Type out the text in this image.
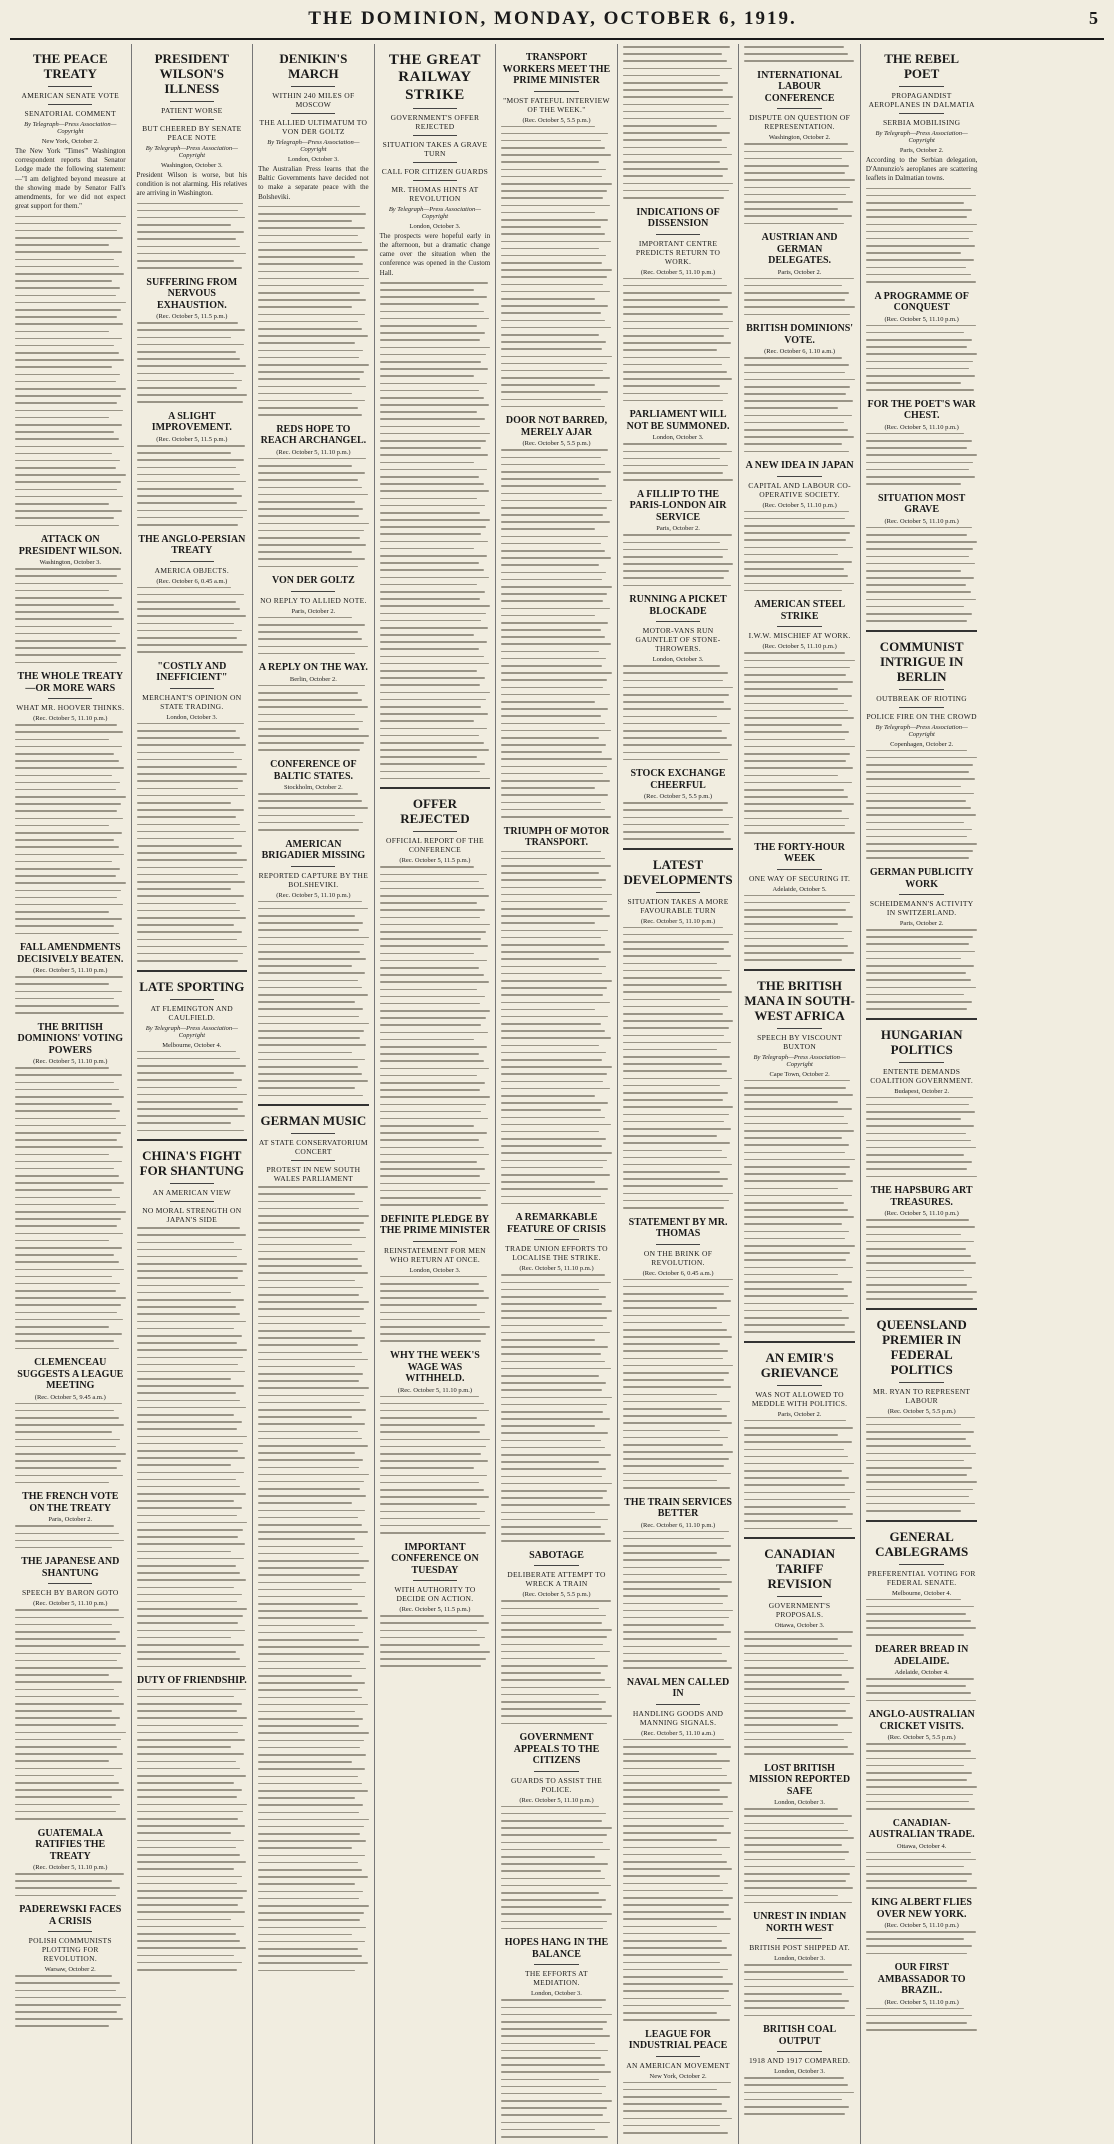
THE DOMINION, MONDAY, OCTOBER 6, 1919.	5
THE PEACE TREATY
AMERICAN SENATE VOTE
SENATORIAL COMMENT
By Telegraph—Press Association—Copyright
New York, October 2.
The New York "Times'" Washington correspondent reports that Senator Lodge made the following statement:—"I am delighted beyond measure at the showing made by Senator Fall's amendments, for we did not expect great support for them."
ATTACK ON PRESIDENT WILSON.
Washington, October 3.
THE WHOLE TREATY—OR MORE WARS
WHAT MR. HOOVER THINKS.
(Rec. October 5, 11.10 p.m.)
FALL AMENDMENTS DECISIVELY BEATEN.
(Rec. October 5, 11.10 p.m.)
THE BRITISH DOMINIONS' VOTING POWERS
(Rec. October 5, 11.10 p.m.)
CLEMENCEAU SUGGESTS A LEAGUE MEETING
(Rec. October 5, 9.45 a.m.)
THE FRENCH VOTE ON THE TREATY
Paris, October 2.
THE JAPANESE AND SHANTUNG
SPEECH BY BARON GOTO
(Rec. October 5, 11.10 p.m.)
GUATEMALA RATIFIES THE TREATY
(Rec. October 5, 11.10 p.m.)
PADEREWSKI FACES A CRISIS
POLISH COMMUNISTS PLOTTING FOR REVOLUTION.
Warsaw, October 2.
PRESIDENT WILSON'S ILLNESS
PATIENT WORSE
BUT CHEERED BY SENATE PEACE NOTE
By Telegraph—Press Association—Copyright
Washington, October 3.
President Wilson is worse, but his condition is not alarming. His relatives are arriving in Washington.
SUFFERING FROM NERVOUS EXHAUSTION.
(Rec. October 5, 11.5 p.m.)
A SLIGHT IMPROVEMENT.
(Rec. October 5, 11.5 p.m.)
THE ANGLO-PERSIAN TREATY
AMERICA OBJECTS.
(Rec. October 6, 0.45 a.m.)
"COSTLY AND INEFFICIENT"
MERCHANT'S OPINION ON STATE TRADING.
London, October 3.
LATE SPORTING
AT FLEMINGTON AND CAULFIELD.
By Telegraph—Press Association—Copyright
Melbourne, October 4.
CHINA'S FIGHT FOR SHANTUNG
AN AMERICAN VIEW
NO MORAL STRENGTH ON JAPAN'S SIDE
DUTY OF FRIENDSHIP.
DENIKIN'S MARCH
WITHIN 240 MILES OF MOSCOW
THE ALLIED ULTIMATUM TO VON DER GOLTZ
By Telegraph—Press Association—Copyright
London, October 3.
The Australian Press learns that the Baltic Governments have decided not to make a separate peace with the Bolsheviki.
REDS HOPE TO REACH ARCHANGEL.
(Rec. October 5, 11.10 p.m.)
VON DER GOLTZ
NO REPLY TO ALLIED NOTE.
Paris, October 2.
A REPLY ON THE WAY.
Berlin, October 2.
CONFERENCE OF BALTIC STATES.
Stockholm, October 2.
AMERICAN BRIGADIER MISSING
REPORTED CAPTURE BY THE BOLSHEVIKI.
(Rec. October 5, 11.10 p.m.)
GERMAN MUSIC
AT STATE CONSERVATORIUM CONCERT
PROTEST IN NEW SOUTH WALES PARLIAMENT
THE GREAT RAILWAY STRIKE
GOVERNMENT'S OFFER REJECTED
SITUATION TAKES A GRAVE TURN
CALL FOR CITIZEN GUARDS
MR. THOMAS HINTS AT REVOLUTION
By Telegraph—Press Association—Copyright
London, October 3.
The prospects were hopeful early in the afternoon, but a dramatic change came over the situation when the conference was opened in the Custom Hall.
OFFER REJECTED
OFFICIAL REPORT OF THE CONFERENCE
(Rec. October 5, 11.5 p.m.)
DEFINITE PLEDGE BY THE PRIME MINISTER
REINSTATEMENT FOR MEN WHO RETURN AT ONCE.
London, October 3.
WHY THE WEEK'S WAGE WAS WITHHELD.
(Rec. October 5, 11.10 p.m.)
IMPORTANT CONFERENCE ON TUESDAY
WITH AUTHORITY TO DECIDE ON ACTION.
(Rec. October 5, 11.5 p.m.)
TRANSPORT WORKERS MEET THE PRIME MINISTER
"MOST FATEFUL INTERVIEW OF THE WEEK."
(Rec. October 5, 5.5 p.m.)
DOOR NOT BARRED, MERELY AJAR
(Rec. October 5, 5.5 p.m.)
TRIUMPH OF MOTOR TRANSPORT.
A REMARKABLE FEATURE OF CRISIS
TRADE UNION EFFORTS TO LOCALISE THE STRIKE.
(Rec. October 5, 11.10 p.m.)
SABOTAGE
DELIBERATE ATTEMPT TO WRECK A TRAIN
(Rec. October 5, 5.5 p.m.)
GOVERNMENT APPEALS TO THE CITIZENS
GUARDS TO ASSIST THE POLICE.
(Rec. October 5, 11.10 p.m.)
HOPES HANG IN THE BALANCE
THE EFFORTS AT MEDIATION.
London, October 3.
INDICATIONS OF DISSENSION
IMPORTANT CENTRE PREDICTS RETURN TO WORK.
(Rec. October 5, 11.10 p.m.)
PARLIAMENT WILL NOT BE SUMMONED.
London, October 3.
A FILLIP TO THE PARIS-LONDON AIR SERVICE
Paris, October 2.
RUNNING A PICKET BLOCKADE
MOTOR-VANS RUN GAUNTLET OF STONE-THROWERS.
London, October 3.
STOCK EXCHANGE CHEERFUL
(Rec. October 5, 5.5 p.m.)
LATEST DEVELOPMENTS
SITUATION TAKES A MORE FAVOURABLE TURN
(Rec. October 5, 11.10 p.m.)
STATEMENT BY MR. THOMAS
ON THE BRINK OF REVOLUTION.
(Rec. October 6, 0.45 a.m.)
THE TRAIN SERVICES BETTER
(Rec. October 6, 11.10 p.m.)
NAVAL MEN CALLED IN
HANDLING GOODS AND MANNING SIGNALS.
(Rec. October 5, 11.10 a.m.)
LEAGUE FOR INDUSTRIAL PEACE
AN AMERICAN MOVEMENT
New York, October 2.
INTERNATIONAL LABOUR CONFERENCE
DISPUTE ON QUESTION OF REPRESENTATION.
Washington, October 2.
AUSTRIAN AND GERMAN DELEGATES.
Paris, October 2.
BRITISH DOMINIONS' VOTE.
(Rec. October 6, 1.10 a.m.)
A NEW IDEA IN JAPAN
CAPITAL AND LABOUR CO-OPERATIVE SOCIETY.
(Rec. October 5, 11.10 p.m.)
AMERICAN STEEL STRIKE
I.W.W. MISCHIEF AT WORK.
(Rec. October 5, 11.10 p.m.)
THE FORTY-HOUR WEEK
ONE WAY OF SECURING IT.
Adelaide, October 5.
THE BRITISH MANA IN SOUTH-WEST AFRICA
SPEECH BY VISCOUNT BUXTON
By Telegraph—Press Association—Copyright
Cape Town, October 2.
AN EMIR'S GRIEVANCE
WAS NOT ALLOWED TO MEDDLE WITH POLITICS.
Paris, October 2.
CANADIAN TARIFF REVISION
GOVERNMENT'S PROPOSALS.
Ottawa, October 3.
LOST BRITISH MISSION REPORTED SAFE
London, October 3.
UNREST IN INDIAN NORTH WEST
BRITISH POST SHIPPED AT.
London, October 3.
BRITISH COAL OUTPUT
1918 AND 1917 COMPARED.
London, October 3.
THE REBEL POET
PROPAGANDIST AEROPLANES IN DALMATIA
SERBIA MOBILISING
By Telegraph—Press Association—Copyright
Paris, October 2.
According to the Serbian delegation, D'Annunzio's aeroplanes are scattering leaflets in Dalmatian towns.
A PROGRAMME OF CONQUEST
(Rec. October 5, 11.10 p.m.)
FOR THE POET'S WAR CHEST.
(Rec. October 5, 11.10 p.m.)
SITUATION MOST GRAVE
(Rec. October 5, 11.10 p.m.)
COMMUNIST INTRIGUE IN BERLIN
OUTBREAK OF RIOTING
POLICE FIRE ON THE CROWD
By Telegraph—Press Association—Copyright
Copenhagen, October 2.
GERMAN PUBLICITY WORK
SCHEIDEMANN'S ACTIVITY IN SWITZERLAND.
Paris, October 2.
HUNGARIAN POLITICS
ENTENTE DEMANDS COALITION GOVERNMENT.
Budapest, October 2.
THE HAPSBURG ART TREASURES.
(Rec. October 5, 11.10 p.m.)
QUEENSLAND PREMIER IN FEDERAL POLITICS
MR. RYAN TO REPRESENT LABOUR
(Rec. October 5, 5.5 p.m.)
GENERAL CABLEGRAMS
PREFERENTIAL VOTING FOR FEDERAL SENATE.
Melbourne, October 4.
DEARER BREAD IN ADELAIDE.
Adelaide, October 4.
ANGLO-AUSTRALIAN CRICKET VISITS.
(Rec. October 5, 5.5 p.m.)
CANADIAN-AUSTRALIAN TRADE.
Ottawa, October 4.
KING ALBERT FLIES OVER NEW YORK.
(Rec. October 5, 11.10 p.m.)
OUR FIRST AMBASSADOR TO BRAZIL.
(Rec. October 5, 11.10 p.m.)
